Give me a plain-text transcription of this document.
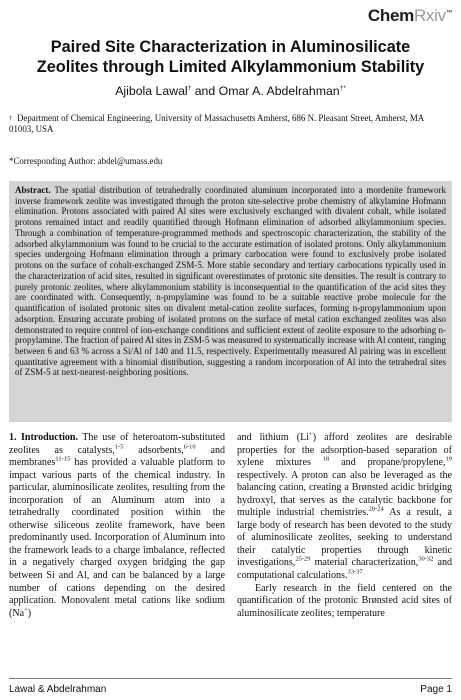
ChemRxiv™
Paired Site Characterization in Aluminosilicate Zeolites through Limited Alkylammonium Stability
Ajibola Lawal† and Omar A. Abdelrahman†*
† Department of Chemical Engineering, University of Massachusetts Amherst, 686 N. Pleasant Street, Amherst, MA 01003, USA
*Corresponding Author: abdel@umass.edu

Abstract. The spatial distribution of tetrahedrally coordinated aluminum incorporated into a mordenite framework inverse framework zeolite was investigated through the proton site-selective probe chemistry of alkylamine Hofmann elimination. Protons associated with paired Al sites were exclusively exchanged with divalent cobalt, while isolated protons remained intact and readily quantified through Hofmann elimination of adsorbed alkylammonium species. Through a combination of temperature-programmed methods and spectroscopic characterization, the stability of the adsorbed alkylammonium was found to be crucial to the accurate estimation of isolated protons. Only alkylammonium species undergoing Hofmann elimination through a primary carbocation were found to exclusively probe isolated protons on the surface of cobalt-exchanged ZSM-5. More stable secondary and tertiary carbocations typically used in the characterization of acid sites, resulted in significant overestimates of protonic site densities. The result is contrary to purely protonic zeolites, where alkylammonium stability is inconsequential to the quantification of the acid sites they are coordinated with. Consequently, n-propylamine was found to be a suitable reactive probe molecule for the quantification of isolated protonic sites on divalent metal-cation zeolite surfaces, forming n-propylammonium upon adsorption. Ensuring accurate probing of isolated protons on the surface of metal cation exchanged zeolites was also demonstrated to require control of ion-exchange conditions and sufficient extent of zeolite exposure to the adsorbing n-propylamine. The fraction of paired Al sites in ZSM-5 was measured to systematically increase with Al content, ranging between 6 and 63 % across a Si/Al of 140 and 11.5, respectively. Experimentally measured Al pairing was in excellent quantitative agreement with a binomial distribution, suggesting a random incorporation of Al into the tetrahedral sites of ZSM-5 at next-nearest-neighboring positions.

1. Introduction. The use of heteroatom-substituted zeolites as catalysts,$^{1-5}$ adsorbents,$^{6-10}$ and membranes$^{11-15}$ has provided a valuable platform to impact various parts of the chemical industry. In particular, aluminosilicate zeolites, resulting from the incorporation of an Aluminum atom into a tetrahedrally coordinated position within the otherwise siliceous zeolite framework, have been predominantly used. Incorporation of Aluminum into the framework leads to a charge imbalance, reflected in a negatively charged oxygen bridging the gap between Si and Al, and can be balanced by a large number of cations depending on the desired application. Monovalent metal cations like sodium (Na+)

and lithium (Li+) afford zeolites are desirable properties for the adsorption-based separation of xylene mixtures $^{18}$ and propane/propylene,$^{19}$ respectively. A proton can also be leveraged as the balancing cation, creating a Brønsted acidic bridging hydroxyl, that serves as the catalytic backbone for multiple industrial chemistries.$^{20-24}$ As a result, a large body of research has been devoted to the study of aluminosilicate zeolites, seeking to understand their catalytic properties through kinetic investigations,$^{25-29}$ material characterization,$^{30-32}$ and computational calculations.$^{33-37}$

Early research in the field centered on the quantification of the protonic Brønsted acid sites of aluminosilicate zeolites; temperature

Lawal & Abdelrahman	Page 1
